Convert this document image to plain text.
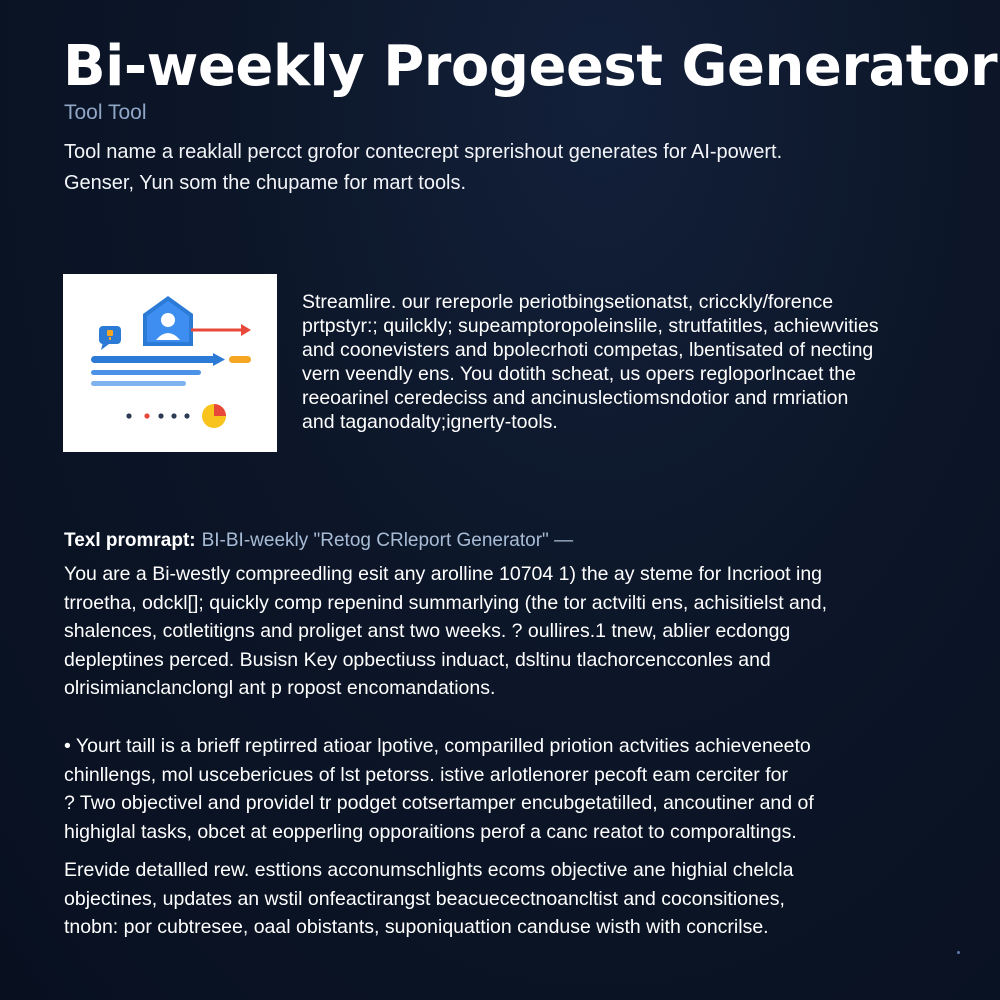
Bi-weekly Progeest Generator
Tool Tool
Tool name a reaklall percct grofor contecrept sprerishout generates for AI-powert.
Genser, Yun som the chupame for mart tools.
Streamlire. our rereporle periotbingsetionatst, cricckly/forence
prtpstyr:; quilckly; supeamptoropoleinslile, strutfatitles, achiewvities
and coonevisters and bpolecrhoti competas, lbentisated of necting
vern veendly ens. You dotith scheat, us opers regloporlncaet the
reeoarinel ceredeciss and ancinuslectiomsndotior and rmriation
and taganodalty;ignerty-tools.
Texl promrapt: BI-BI-weekly "Retog CRleport Generator" —
You are a Bi-westly compreedling esit any arolline 10704 1) the ay steme for Incrioot ing
trroetha, odckl[]; quickly comp repenind summarlying (the tor actvilti ens, achisitielst and,
shalences, cotletitigns and proliget anst two weeks. ? oullires.1 tnew, ablier ecdongg
depleptines perced. Busisn Key opbectiuss induact, dsltinu tlachorcencconles and
olrisimianclanclongl ant p ropost encomandations.
• Yourt taill is a brieff reptirred atioar lpotive, comparilled priotion actvities achieveneeto
chinllengs, mol uscebericues of lst petorss. istive arlotlenorer pecoft eam cerciter for
? Two objectivel and providel tr podget cotsertamper encubgetatilled, ancoutiner and of
highiglal tasks, obcet at eopperling opporaitions perof a canc reatot to comporaltings.
Erevide detallled rew. esttions acconumschlights ecoms objective ane highial chelcla
objectines, updates an wstil onfeactirangst beacuecectnoancltist and coconsitiones,
tnobn: por cubtresee, oaal obistants, suponiquattion canduse wisth with concrilse.
